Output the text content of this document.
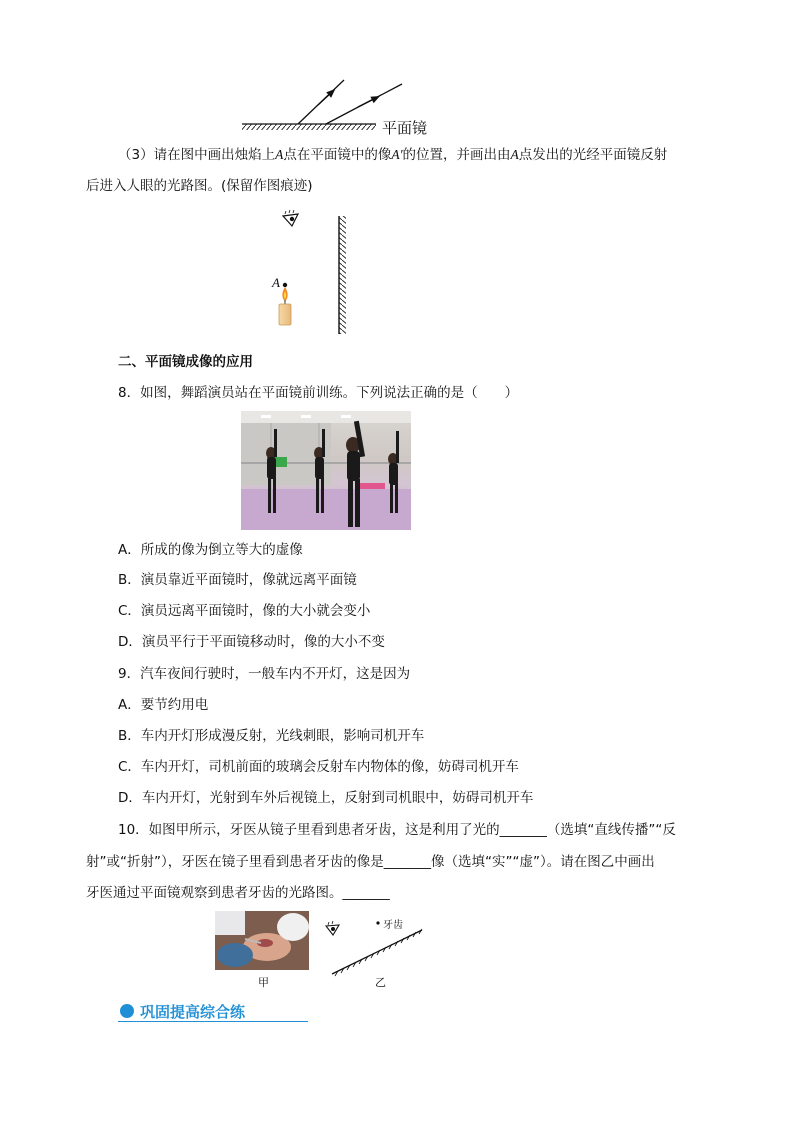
平面镜
（3）请在图中画出烛焰上A点在平面镜中的像A′的位置，并画出由A点发出的光经平面镜反射
后进入人眼的光路图。(保留作图痕迹)
A
二、平面镜成像的应用
8．如图，舞蹈演员站在平面镜前训练。下列说法正确的是（　　）
A．所成的像为倒立等大的虚像
B．演员靠近平面镜时，像就远离平面镜
C．演员远离平面镜时，像的大小就会变小
D．演员平行于平面镜移动时，像的大小不变
9．汽车夜间行驶时，一般车内不开灯，这是因为
A．要节约用电
B．车内开灯形成漫反射，光线刺眼，影响司机开车
C．车内开灯，司机前面的玻璃会反射车内物体的像，妨碍司机开车
D．车内开灯，光射到车外后视镜上，反射到司机眼中，妨碍司机开车
10．如图甲所示，牙医从镜子里看到患者牙齿，这是利用了光的_______（选填“直线传播”“反
射”或“折射”），牙医在镜子里看到患者牙齿的像是_______像（选填“实”“虚”）。请在图乙中画出
牙医通过平面镜观察到患者牙齿的光路图。_______
甲
牙齿
乙
巩固提高综合练
